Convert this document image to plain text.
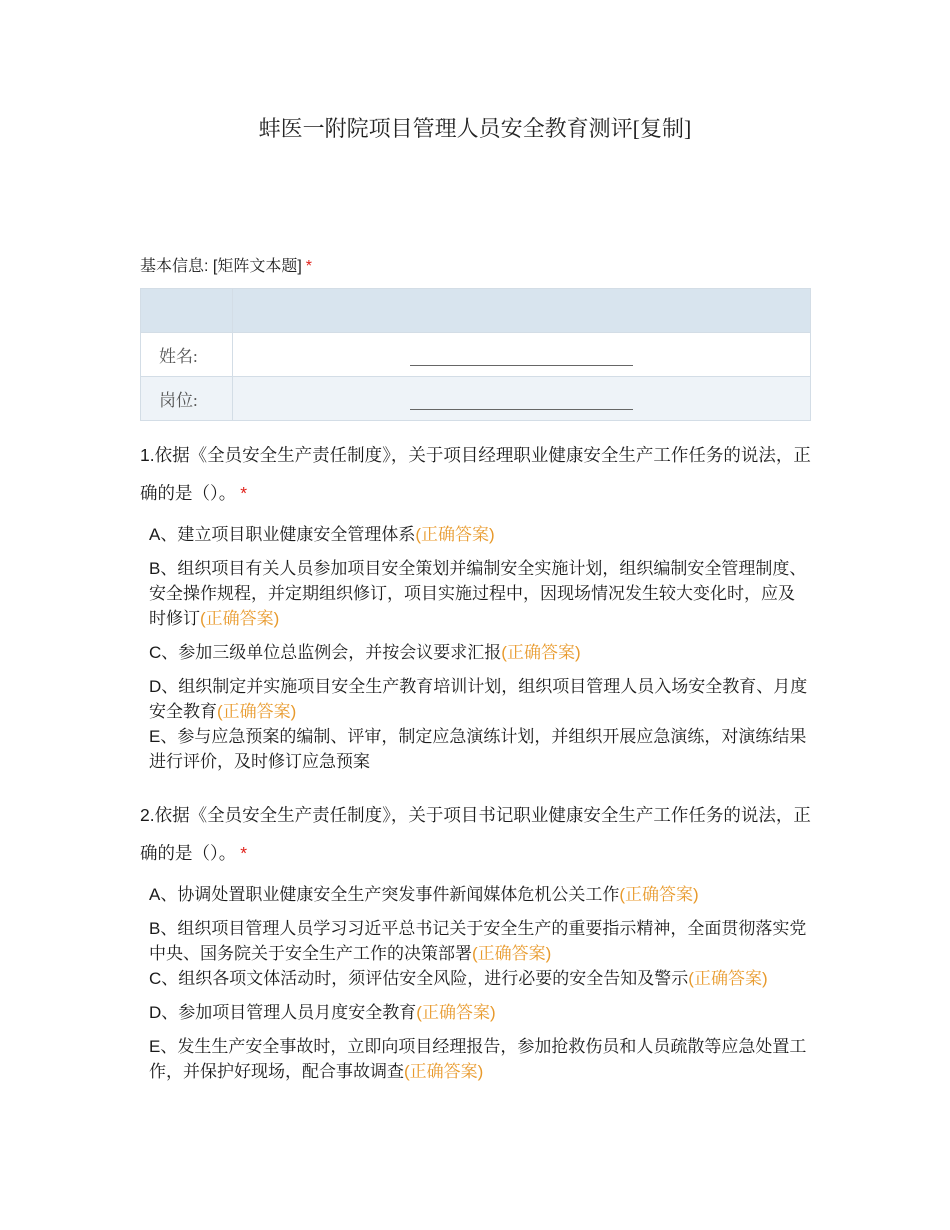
蚌医一附院项目管理人员安全教育测评[复制]
基本信息: [矩阵文本题] *

姓名:	

岗位:	

1.依据《全员安全生产责任制度》，关于项目经理职业健康安全生产工作任务的说法，正确的是（）。 *

A、建立项目职业健康安全管理体系(正确答案)

B、组织项目有关人员参加项目安全策划并编制安全实施计划，组织编制安全管理制度、安全操作规程，并定期组织修订，项目实施过程中，因现场情况发生较大变化时，应及时修订(正确答案)

C、参加三级单位总监例会，并按会议要求汇报(正确答案)

D、组织制定并实施项目安全生产教育培训计划，组织项目管理人员入场安全教育、月度安全教育(正确答案)

E、参与应急预案的编制、评审，制定应急演练计划，并组织开展应急演练，对演练结果进行评价，及时修订应急预案

2.依据《全员安全生产责任制度》，关于项目书记职业健康安全生产工作任务的说法，正确的是（）。 *

A、协调处置职业健康安全生产突发事件新闻媒体危机公关工作(正确答案)

B、组织项目管理人员学习习近平总书记关于安全生产的重要指示精神，全面贯彻落实党中央、国务院关于安全生产工作的决策部署(正确答案)

C、组织各项文体活动时，须评估安全风险，进行必要的安全告知及警示(正确答案)

D、参加项目管理人员月度安全教育(正确答案)

E、发生生产安全事故时，立即向项目经理报告，参加抢救伤员和人员疏散等应急处置工作，并保护好现场，配合事故调查(正确答案)
